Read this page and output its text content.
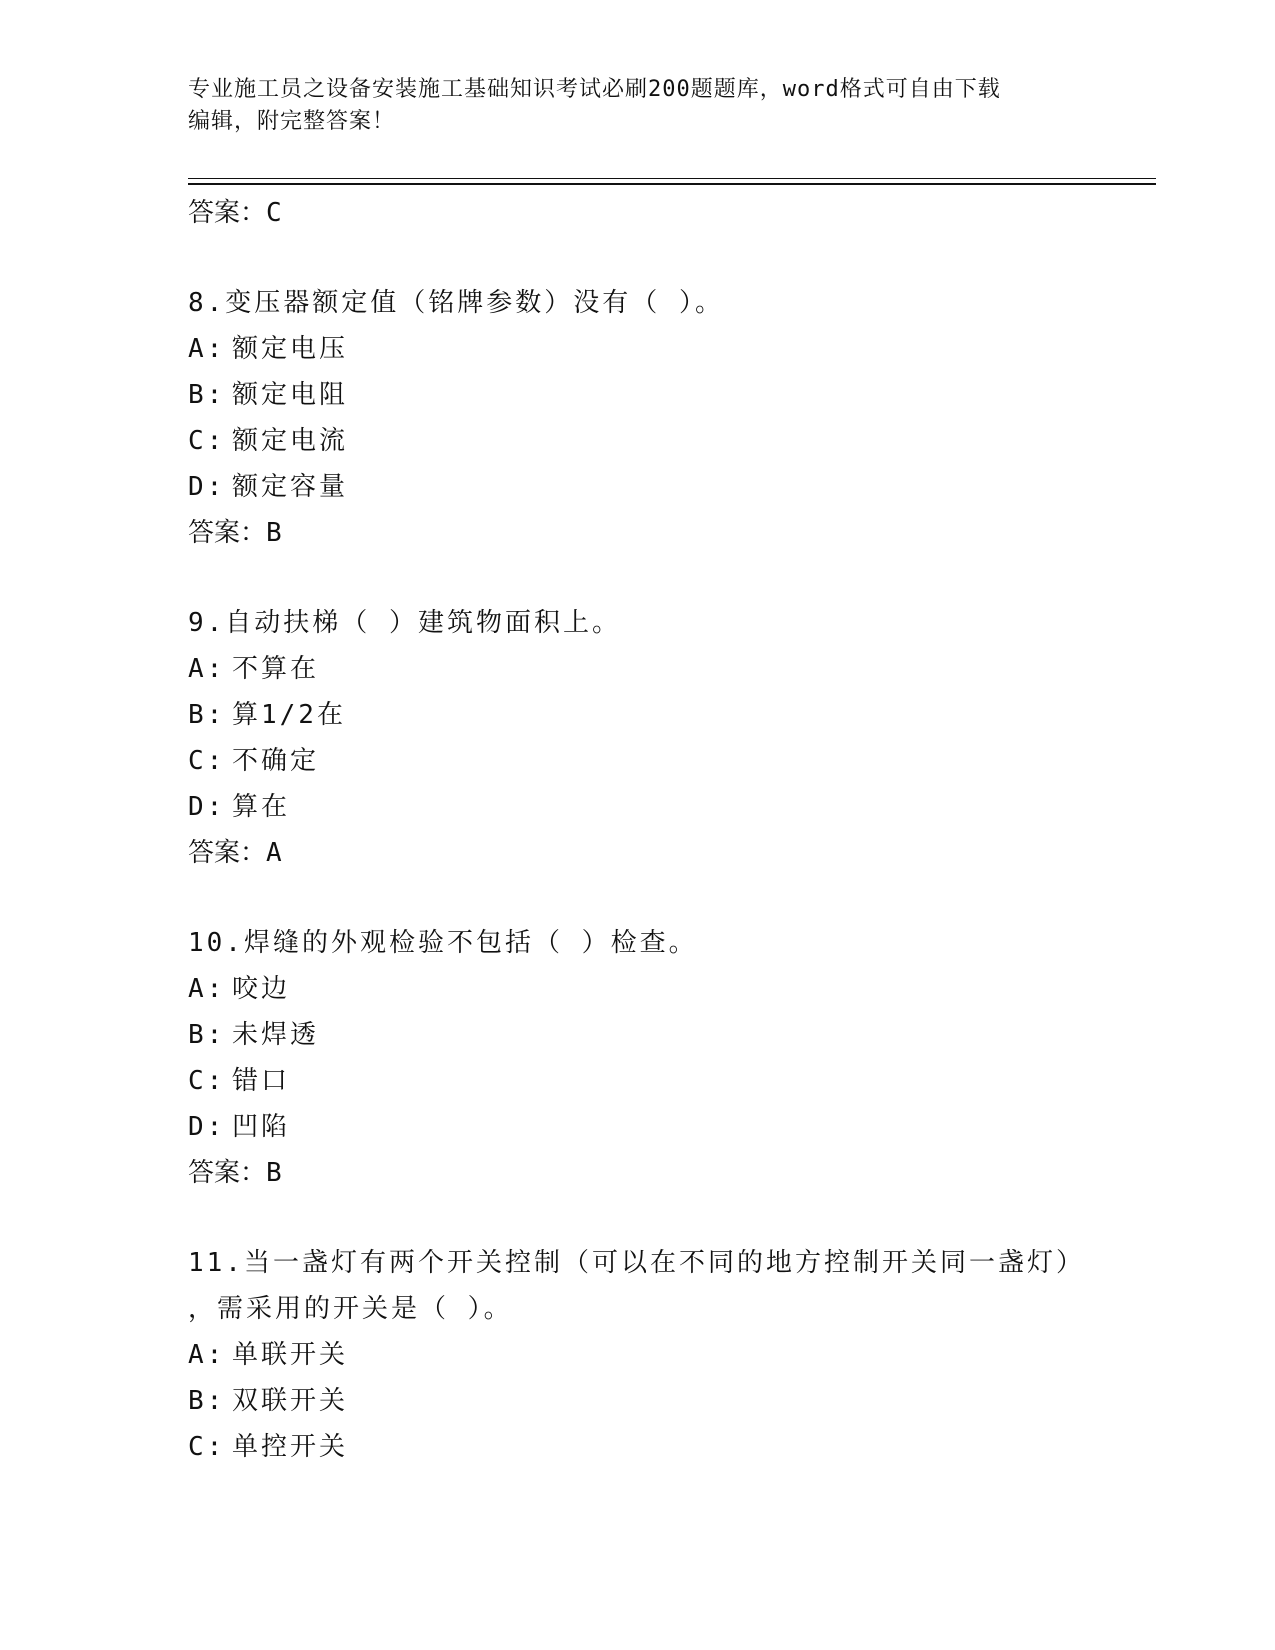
专业施工员之设备安装施工基础知识考试必刷200题题库，word格式可自由下载
编辑，附完整答案！
答案：C
8.变压器额定值（铭牌参数）没有（ ）。
A: 额定电压
B: 额定电阻
C: 额定电流
D: 额定容量
答案：B
9.自动扶梯（ ）建筑物面积上。
A: 不算在
B: 算1/2在
C: 不确定
D: 算在
答案：A
10.焊缝的外观检验不包括（ ）检查。
A: 咬边
B: 未焊透
C: 错口
D: 凹陷
答案：B
11.当一盏灯有两个开关控制（可以在不同的地方控制开关同一盏灯）
，需采用的开关是（ ）。
A: 单联开关
B: 双联开关
C: 单控开关
